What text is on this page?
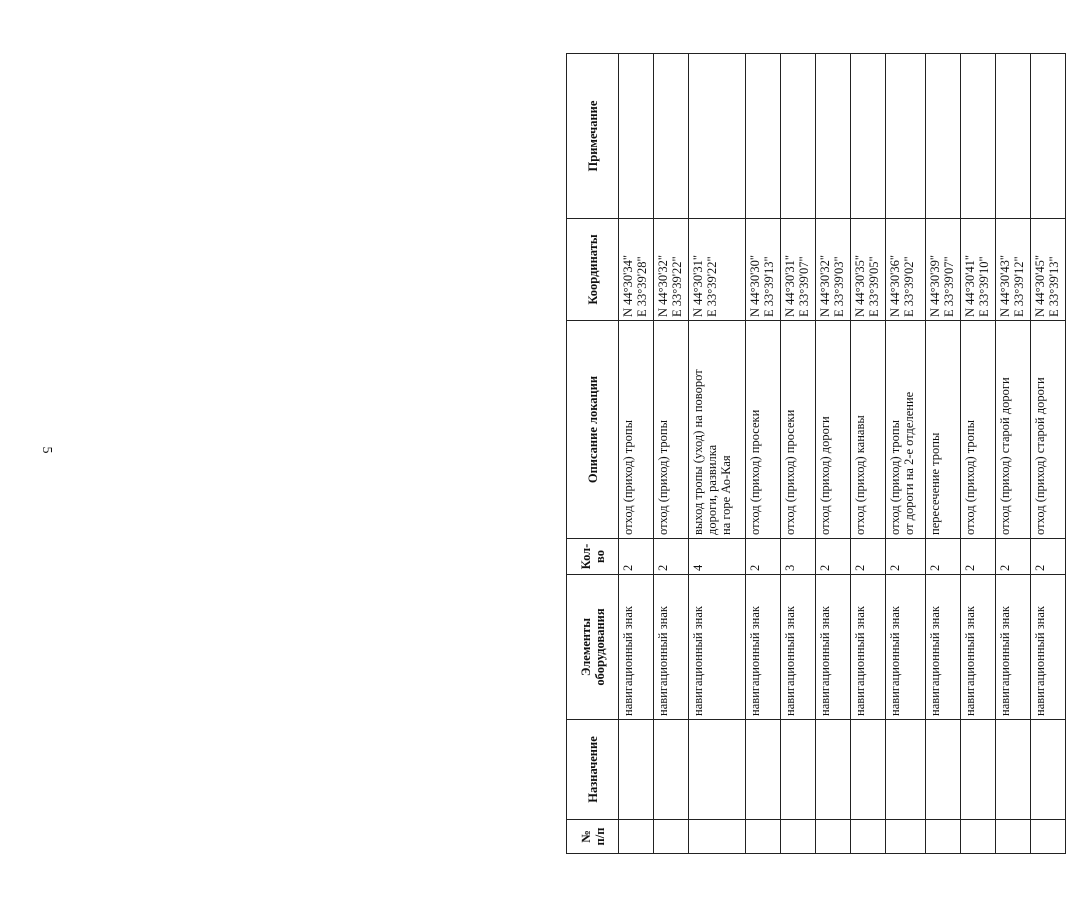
5
№ п/п	Назначение	Элементы оборудования	Кол- во	Описание локации	Координаты	Примечание
		навигационный знак	2	отход (приход) тропы	N 44°30'34" E 33°39'28"	

		навигационный знак	2	отход (приход) тропы	N 44°30'32" E 33°39'22"	

		навигационный знак	4	выход тропы (уход) на поворот дороги, развилка на горе Ао-Кая	N 44°30'31" E 33°39'22"	

		навигационный знак	2	отход (приход) просеки	N 44°30'30" E 33°39'13"	

		навигационный знак	3	отход (приход) просеки	N 44°30'31" E 33°39'07"	

		навигационный знак	2	отход (приход) дороги	N 44°30'32" E 33°39'03"	

		навигационный знак	2	отход (приход) канавы	N 44°30'35" E 33°39'05"	

		навигационный знак	2	отход (приход) тропы от дороги на 2-е отделение	N 44°30'36" E 33°39'02"	

		навигационный знак	2	пересечение тропы	N 44°30'39" E 33°39'07"	

		навигационный знак	2	отход (приход) тропы	N 44°30'41" E 33°39'10"	

		навигационный знак	2	отход (приход) старой дороги	N 44°30'43" E 33°39'12"	

		навигационный знак	2	отход (приход) старой дороги	N 44°30'45" E 33°39'13"	
